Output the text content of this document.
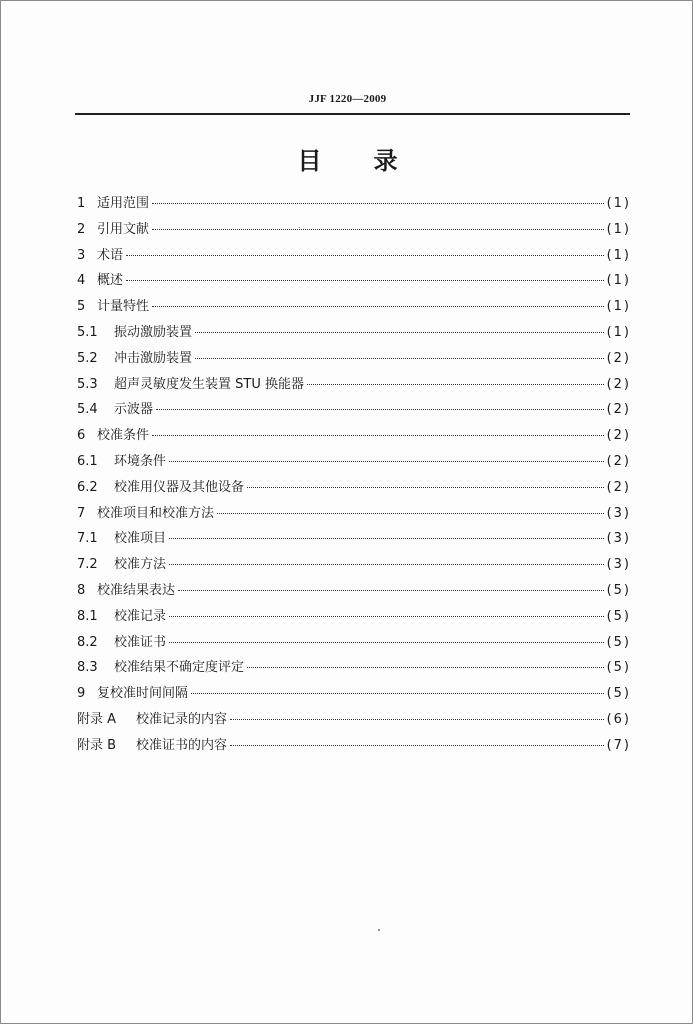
JJF 1220—2009
目 录
1 适用范围	(1)
2 引用文献	(1)
3 术语	(1)
4 概述	(1)
5 计量特性	(1)
5.1	振动激励装置	(1)
5.2	冲击激励装置	(2)
5.3	超声灵敏度发生装置 STU 换能器	(2)
5.4	示波器	(2)
6 校准条件	(2)
6.1	环境条件	(2)
6.2	校准用仪器及其他设备	(2)
7 校准项目和校准方法	(3)
7.1	校准项目	(3)
7.2	校准方法	(3)
8 校准结果表达	(5)
8.1	校准记录	(5)
8.2	校准证书	(5)
8.3	校准结果不确定度评定	(5)
9 复校准时间间隔	(5)
附录 A	校准记录的内容	(6)
附录 B	校准证书的内容	(7)
